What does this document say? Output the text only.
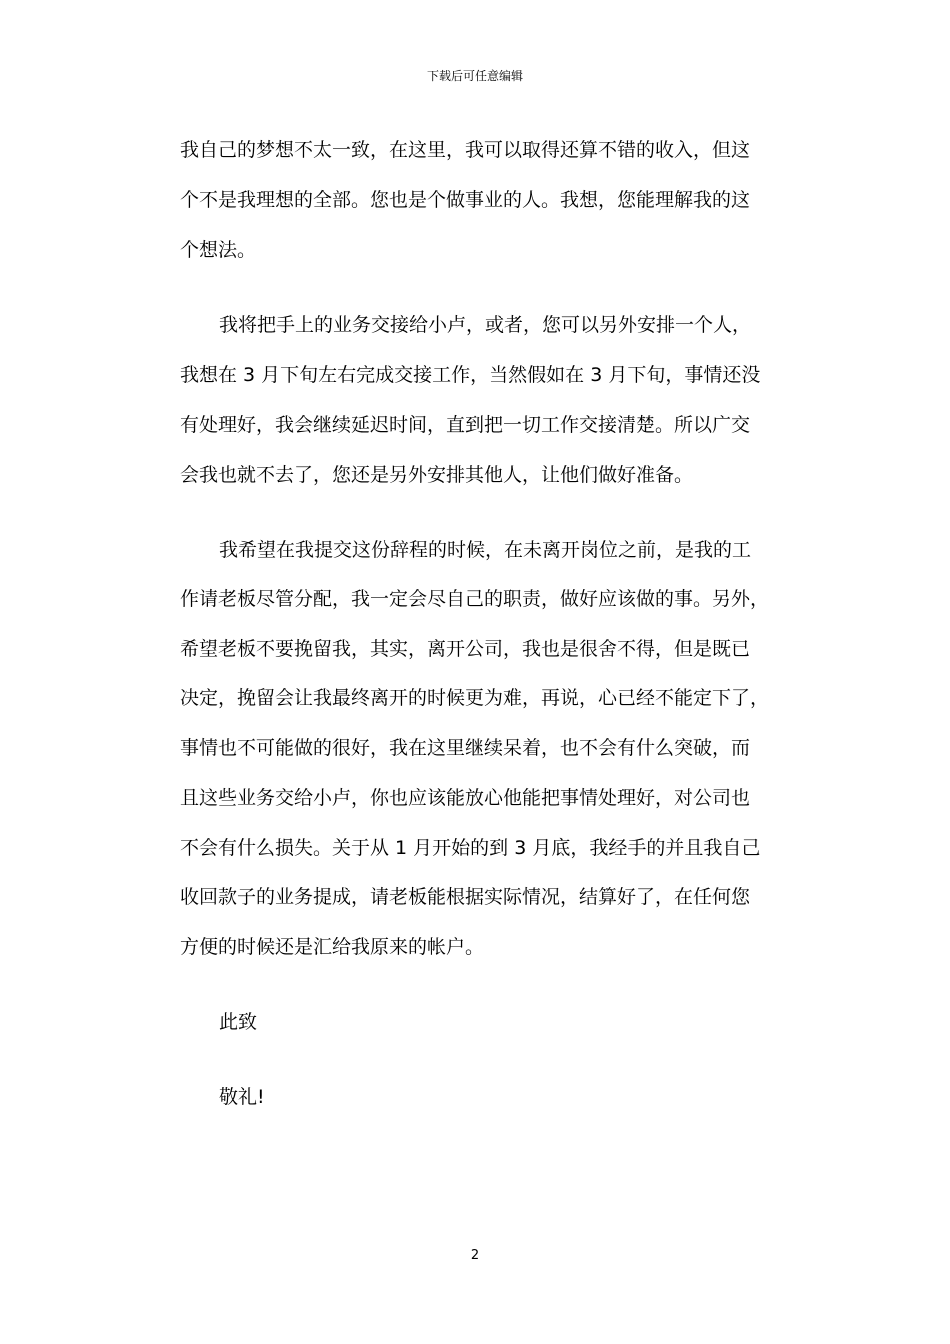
下载后可任意编辑
我自己的梦想不太一致，在这里，我可以取得还算不错的收入，但这
个不是我理想的全部。您也是个做事业的人。我想，您能理解我的这
个想法。
我将把手上的业务交接给小卢，或者，您可以另外安排一个人，
我想在 3 月下旬左右完成交接工作，当然假如在 3 月下旬，事情还没
有处理好，我会继续延迟时间，直到把一切工作交接清楚。所以广交
会我也就不去了，您还是另外安排其他人，让他们做好准备。
我希望在我提交这份辞程的时候，在未离开岗位之前，是我的工
作请老板尽管分配，我一定会尽自己的职责，做好应该做的事。另外，
希望老板不要挽留我，其实，离开公司，我也是很舍不得，但是既已
决定，挽留会让我最终离开的时候更为难，再说，心已经不能定下了，
事情也不可能做的很好，我在这里继续呆着，也不会有什么突破，而
且这些业务交给小卢，你也应该能放心他能把事情处理好，对公司也
不会有什么损失。关于从 1 月开始的到 3 月底，我经手的并且我自己
收回款子的业务提成，请老板能根据实际情况，结算好了，在任何您
方便的时候还是汇给我原来的帐户。
此致
敬礼!
2
